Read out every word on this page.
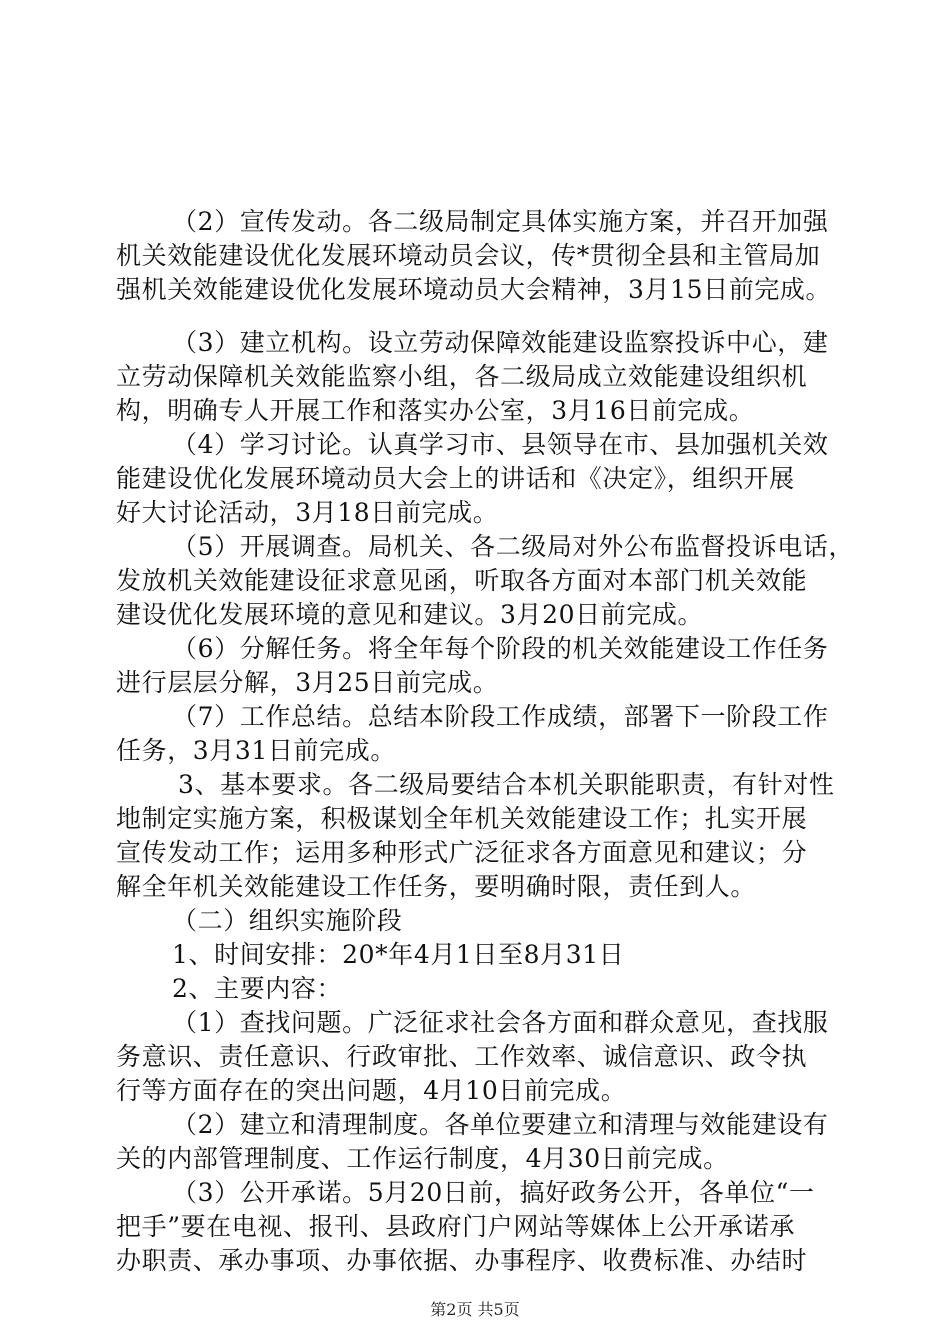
（2）宣传发动。各二级局制定具体实施方案，并召开加强
机关效能建设优化发展环境动员会议，传*贯彻全县和主管局加
强机关效能建设优化发展环境动员大会精神，3月15日前完成。
（3）建立机构。设立劳动保障效能建设监察投诉中心，建
立劳动保障机关效能监察小组，各二级局成立效能建设组织机
构，明确专人开展工作和落实办公室，3月16日前完成。
（4）学习讨论。认真学习市、县领导在市、县加强机关效
能建设优化发展环境动员大会上的讲话和《决定》，组织开展
好大讨论活动，3月18日前完成。
（5）开展调查。局机关、各二级局对外公布监督投诉电话，
发放机关效能建设征求意见函，听取各方面对本部门机关效能
建设优化发展环境的意见和建议。3月20日前完成。
（6）分解任务。将全年每个阶段的机关效能建设工作任务
进行层层分解，3月25日前完成。
（7）工作总结。总结本阶段工作成绩，部署下一阶段工作
任务，3月31日前完成。
3、基本要求。各二级局要结合本机关职能职责，有针对性
地制定实施方案，积极谋划全年机关效能建设工作；扎实开展
宣传发动工作；运用多种形式广泛征求各方面意见和建议；分
解全年机关效能建设工作任务，要明确时限，责任到人。
（二）组织实施阶段
1、时间安排：20*年4月1日至8月31日
2、主要内容：
（1）查找问题。广泛征求社会各方面和群众意见，查找服
务意识、责任意识、行政审批、工作效率、诚信意识、政令执
行等方面存在的突出问题，4月10日前完成。
（2）建立和清理制度。各单位要建立和清理与效能建设有
关的内部管理制度、工作运行制度，4月30日前完成。
（3）公开承诺。5月20日前，搞好政务公开，各单位“一
把手”要在电视、报刊、县政府门户网站等媒体上公开承诺承
办职责、承办事项、办事依据、办事程序、收费标准、办结时
第2页 共5页
